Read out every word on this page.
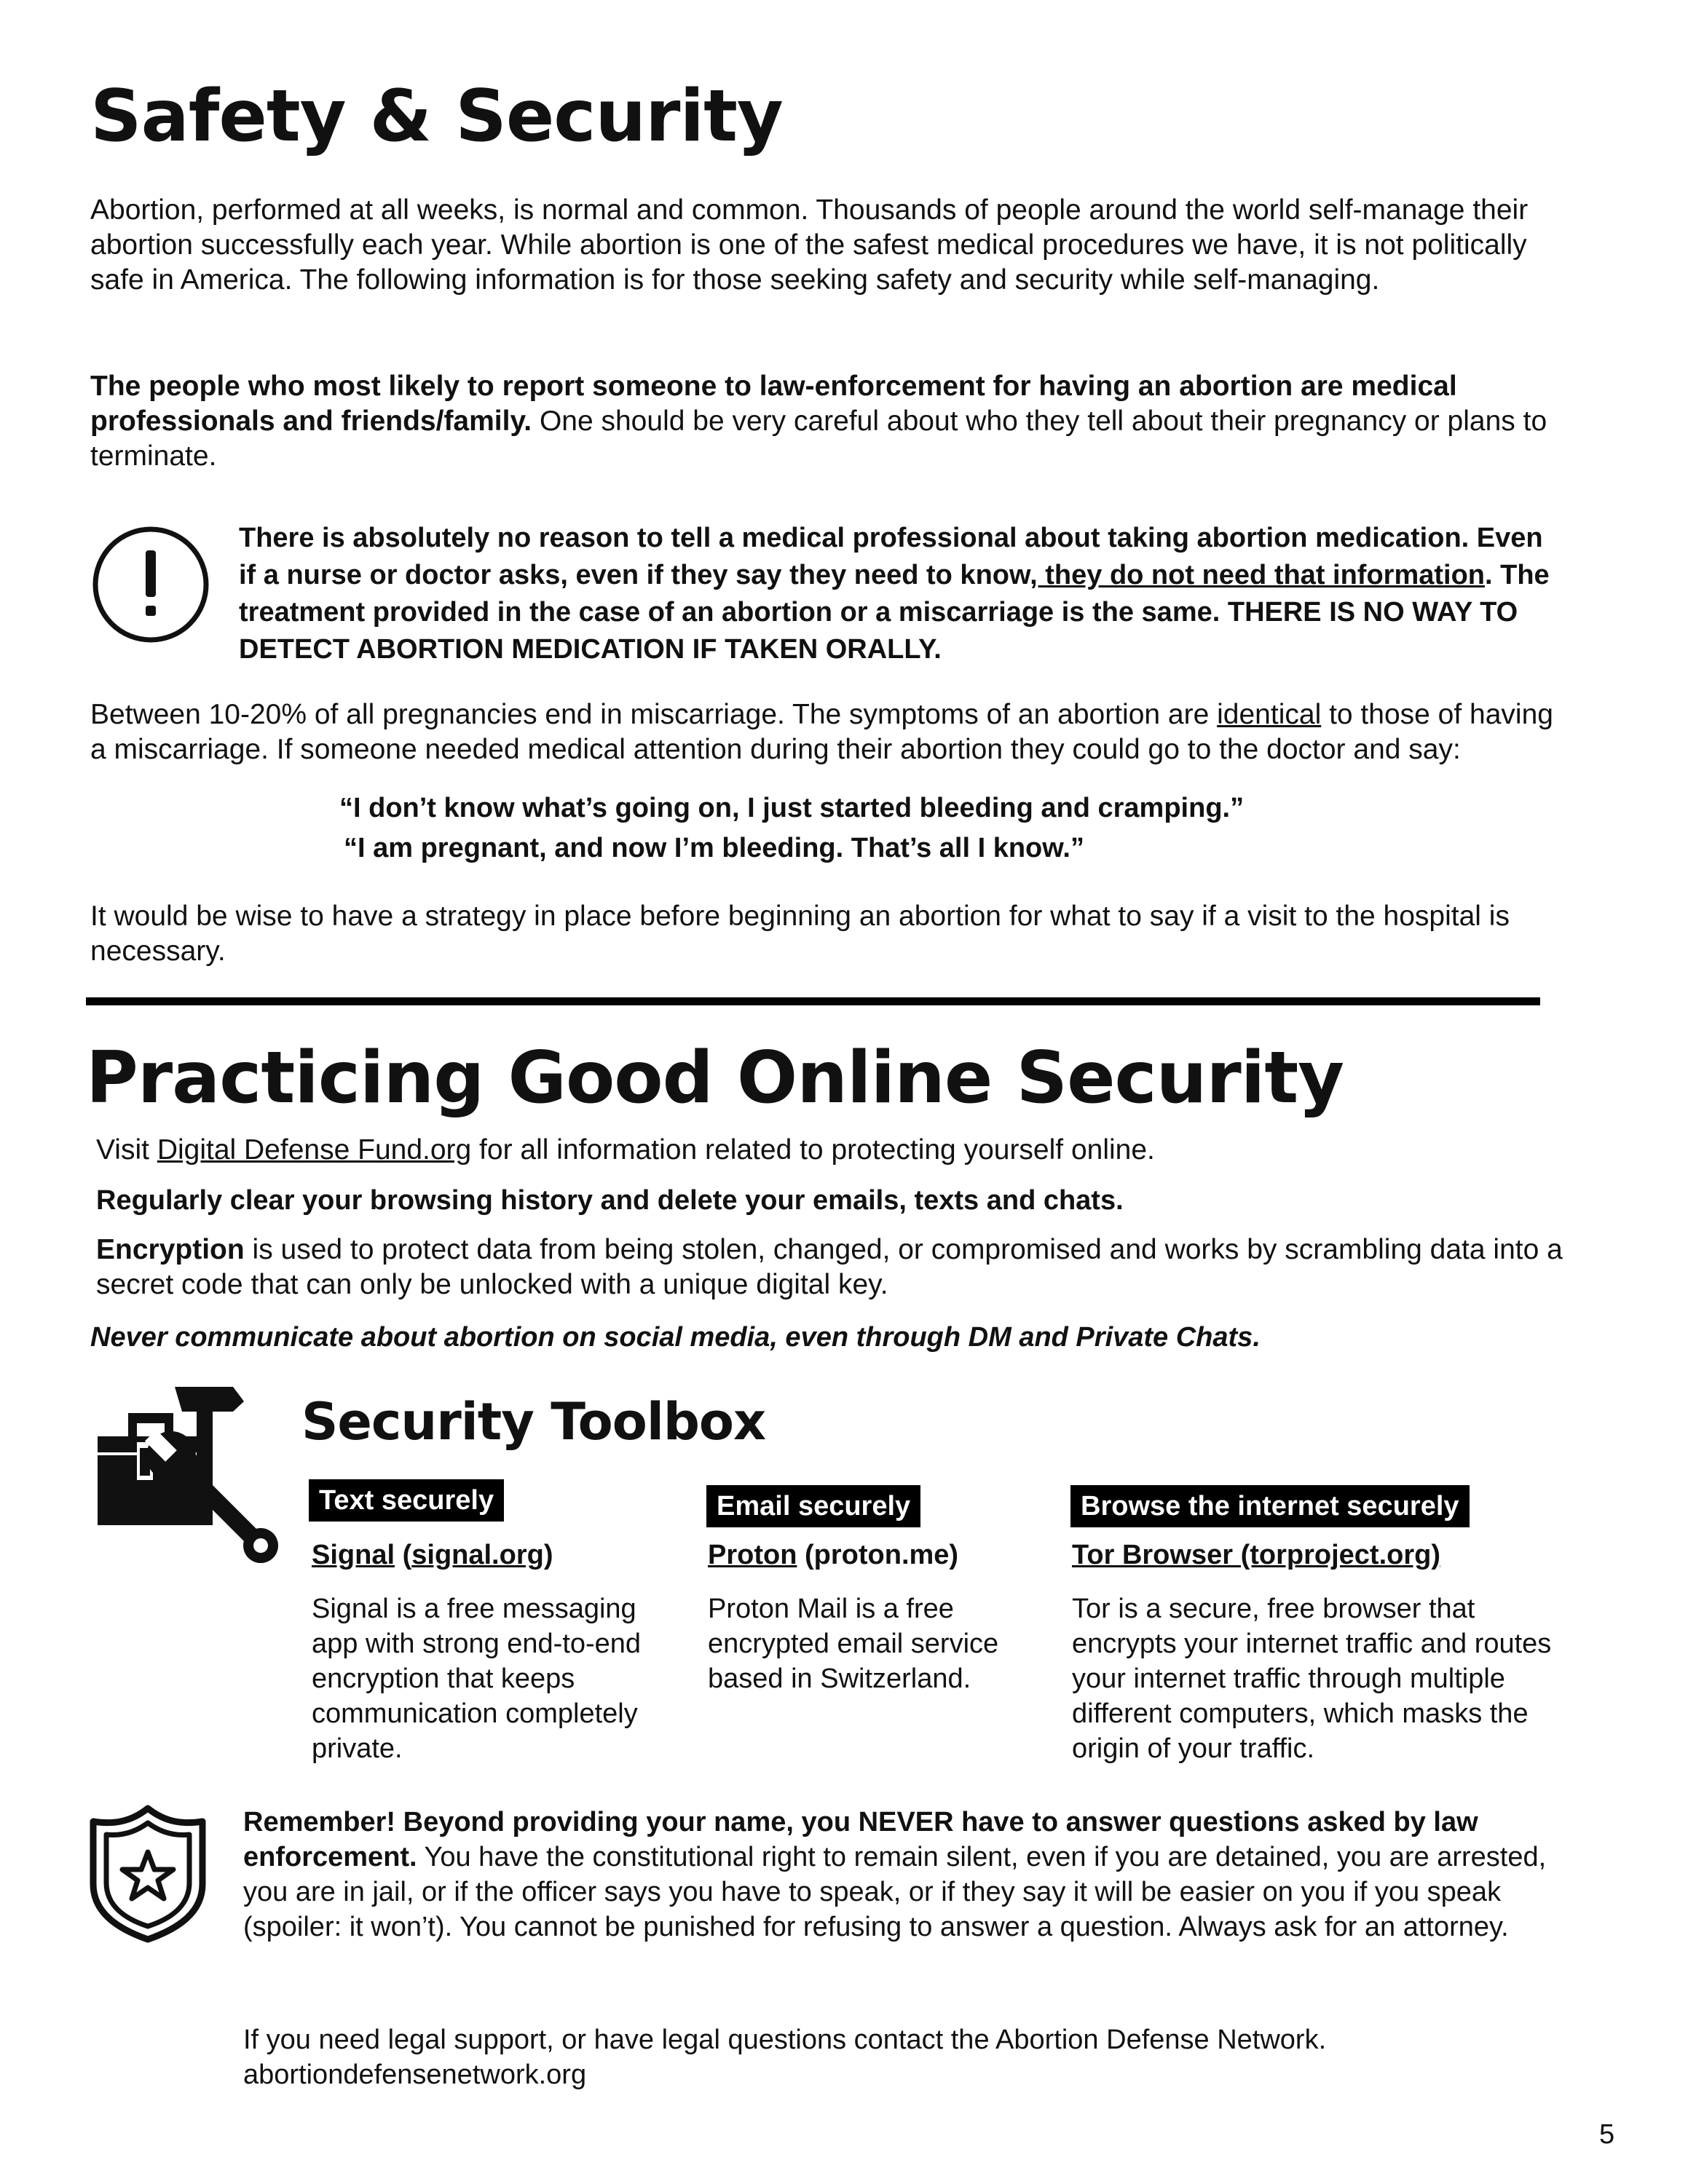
Safety & Security
Abortion, performed at all weeks, is normal and common. Thousands of people around the world self-manage their abortion successfully each year. While abortion is one of the safest medical procedures we have, it is not politically safe in America. The following information is for those seeking safety and security while self-managing.
The people who most likely to report someone to law-enforcement for having an abortion are medical professionals and friends/family. One should be very careful about who they tell about their pregnancy or plans to terminate.
There is absolutely no reason to tell a medical professional about taking abortion medication. Even if a nurse or doctor asks, even if they say they need to know, they do not need that information. The treatment provided in the case of an abortion or a miscarriage is the same. THERE IS NO WAY TO DETECT ABORTION MEDICATION IF TAKEN ORALLY.
Between 10-20% of all pregnancies end in miscarriage. The symptoms of an abortion are identical to those of having a miscarriage. If someone needed medical attention during their abortion they could go to the doctor and say:
“I don’t know what’s going on, I just started bleeding and cramping.”
“I am pregnant, and now I’m bleeding. That’s all I know.”
It would be wise to have a strategy in place before beginning an abortion for what to say if a visit to the hospital is necessary.
Practicing Good Online Security
Visit Digital Defense Fund.org for all information related to protecting yourself online.
Regularly clear your browsing history and delete your emails, texts and chats.
Encryption is used to protect data from being stolen, changed, or compromised and works by scrambling data into a secret code that can only be unlocked with a unique digital key.
Never communicate about abortion on social media, even through DM and Private Chats.
Security Toolbox
Text securely
Signal (signal.org)
Signal is a free messaging app with strong end-to-end encryption that keeps communication completely private.
Email securely
Proton (proton.me)
Proton Mail is a free encrypted email service based in Switzerland.
Browse the internet securely
Tor Browser (torproject.org)
Tor is a secure, free browser that encrypts your internet traffic and routes your internet traffic through multiple different computers, which masks the origin of your traffic.
Remember! Beyond providing your name, you NEVER have to answer questions asked by law enforcement. You have the constitutional right to remain silent, even if you are detained, you are arrested, you are in jail, or if the officer says you have to speak, or if they say it will be easier on you if you speak (spoiler: it won’t). You cannot be punished for refusing to answer a question. Always ask for an attorney.
If you need legal support, or have legal questions contact the Abortion Defense Network.
abortiondefensenetwork.org
5
